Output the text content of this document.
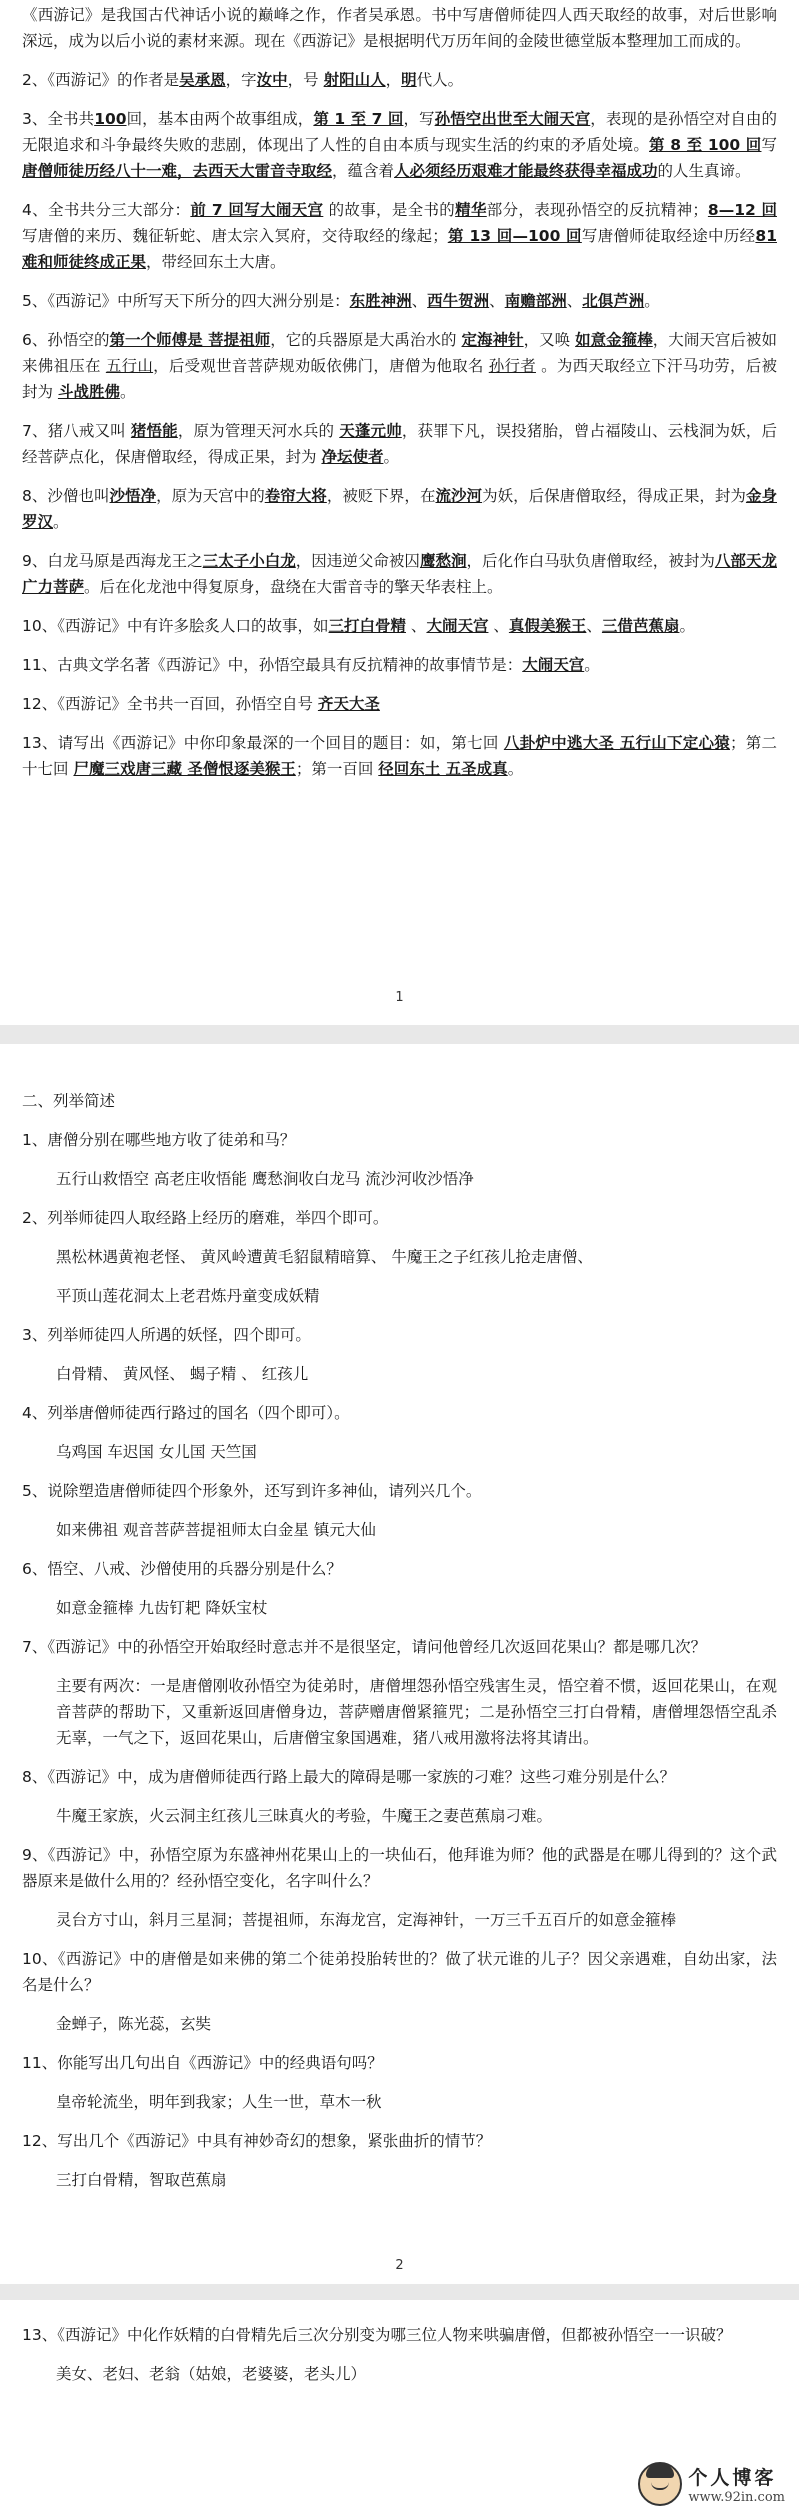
《西游记》是我国古代神话小说的巅峰之作，作者吴承恩。书中写唐僧师徒四人西天取经的故事，对后世影响深远，成为以后小说的素材来源。现在《西游记》是根据明代万历年间的金陵世德堂版本整理加工而成的。

2、《西游记》的作者是吴承恩，字汝中，号 射阳山人，明代人。

3、全书共100回，基本由两个故事组成，第 1 至 7 回，写孙悟空出世至大闹天宫，表现的是孙悟空对自由的无限追求和斗争最终失败的悲剧，体现出了人性的自由本质与现实生活的约束的矛盾处境。第 8 至 100 回写唐僧师徒历经八十一难，去西天大雷音寺取经，蕴含着人必须经历艰难才能最终获得幸福成功的人生真谛。

4、全书共分三大部分：前 7 回写大闹天宫 的故事，是全书的精华部分，表现孙悟空的反抗精神；8—12 回写唐僧的来历、魏征斩蛇、唐太宗入冥府，交待取经的缘起；第 13 回—100 回写唐僧师徒取经途中历经81 难和师徒终成正果，带经回东土大唐。

5、《西游记》中所写天下所分的四大洲分别是：东胜神洲、西牛贺洲、南赡部洲、北俱芦洲。

6、孙悟空的第一个师傅是 菩提祖师，它的兵器原是大禹治水的 定海神针，又唤 如意金箍棒，大闹天宫后被如来佛祖压在 五行山，后受观世音菩萨规劝皈依佛门，唐僧为他取名 孙行者 。为西天取经立下汗马功劳，后被封为 斗战胜佛。

7、猪八戒又叫 猪悟能，原为管理天河水兵的 天蓬元帅，获罪下凡，误投猪胎，曾占福陵山、云栈洞为妖，后经菩萨点化，保唐僧取经，得成正果，封为 净坛使者。

8、沙僧也叫沙悟净，原为天宫中的卷帘大将，被贬下界，在流沙河为妖，后保唐僧取经，得成正果，封为金身罗汉。

9、白龙马原是西海龙王之三太子小白龙，因违逆父命被囚鹰愁涧，后化作白马驮负唐僧取经，被封为八部天龙广力菩萨。后在化龙池中得复原身，盘绕在大雷音寺的擎天华表柱上。

10、《西游记》中有许多脍炙人口的故事，如三打白骨精 、大闹天宫 、真假美猴王、三借芭蕉扇。

11、古典文学名著《西游记》中，孙悟空最具有反抗精神的故事情节是：大闹天宫。

12、《西游记》全书共一百回，孙悟空自号 齐天大圣

13、请写出《西游记》中你印象最深的一个回目的题目：如，第七回 八卦炉中逃大圣 五行山下定心猿；第二十七回 尸魔三戏唐三藏 圣僧恨逐美猴王；第一百回 径回东土 五圣成真。

1

二、列举简述

1、唐僧分别在哪些地方收了徒弟和马？

五行山救悟空 高老庄收悟能 鹰愁涧收白龙马 流沙河收沙悟净

2、列举师徒四人取经路上经历的磨难，举四个即可。

黑松林遇黄袍老怪、 黄风岭遭黄毛貂鼠精暗算、 牛魔王之子红孩儿抢走唐僧、

平顶山莲花洞太上老君炼丹童变成妖精

3、列举师徒四人所遇的妖怪，四个即可。

白骨精、 黄风怪、 蝎子精 、 红孩儿

4、列举唐僧师徒西行路过的国名（四个即可）。

乌鸡国 车迟国 女儿国 天竺国

5、说除塑造唐僧师徒四个形象外，还写到许多神仙，请列兴几个。

如来佛祖 观音菩萨菩提祖师太白金星 镇元大仙

6、悟空、八戒、沙僧使用的兵器分别是什么？

如意金箍棒 九齿钉耙 降妖宝杖

7、《西游记》中的孙悟空开始取经时意志并不是很坚定，请问他曾经几次返回花果山？都是哪几次？

主要有两次：一是唐僧刚收孙悟空为徒弟时，唐僧埋怨孙悟空残害生灵，悟空着不惯，返回花果山，在观音菩萨的帮助下，又重新返回唐僧身边，菩萨赠唐僧紧箍咒；二是孙悟空三打白骨精，唐僧埋怨悟空乱杀无辜，一气之下，返回花果山，后唐僧宝象国遇难，猪八戒用激将法将其请出。

8、《西游记》中，成为唐僧师徒西行路上最大的障碍是哪一家族的刁难？这些刁难分别是什么？

牛魔王家族，火云洞主红孩儿三昧真火的考验，牛魔王之妻芭蕉扇刁难。

9、《西游记》中，孙悟空原为东盛神州花果山上的一块仙石，他拜谁为师？他的武器是在哪儿得到的？这个武器原来是做什么用的？经孙悟空变化，名字叫什么？

灵台方寸山，斜月三星洞；菩提祖师，东海龙宫，定海神针，一万三千五百斤的如意金箍棒

10、《西游记》中的唐僧是如来佛的第二个徒弟投胎转世的？做了状元谁的儿子？因父亲遇难，自幼出家，法名是什么？

金蝉子，陈光蕊，玄奘

11、你能写出几句出自《西游记》中的经典语句吗？

皇帝轮流坐，明年到我家；人生一世，草木一秋

12、写出几个《西游记》中具有神妙奇幻的想象，紧张曲折的情节？

三打白骨精，智取芭蕉扇

2

13、《西游记》中化作妖精的白骨精先后三次分别变为哪三位人物来哄骗唐僧，但都被孙悟空一一识破？

美女、老妇、老翁（姑娘，老婆婆，老头儿）

个人博客
www.92in.com
